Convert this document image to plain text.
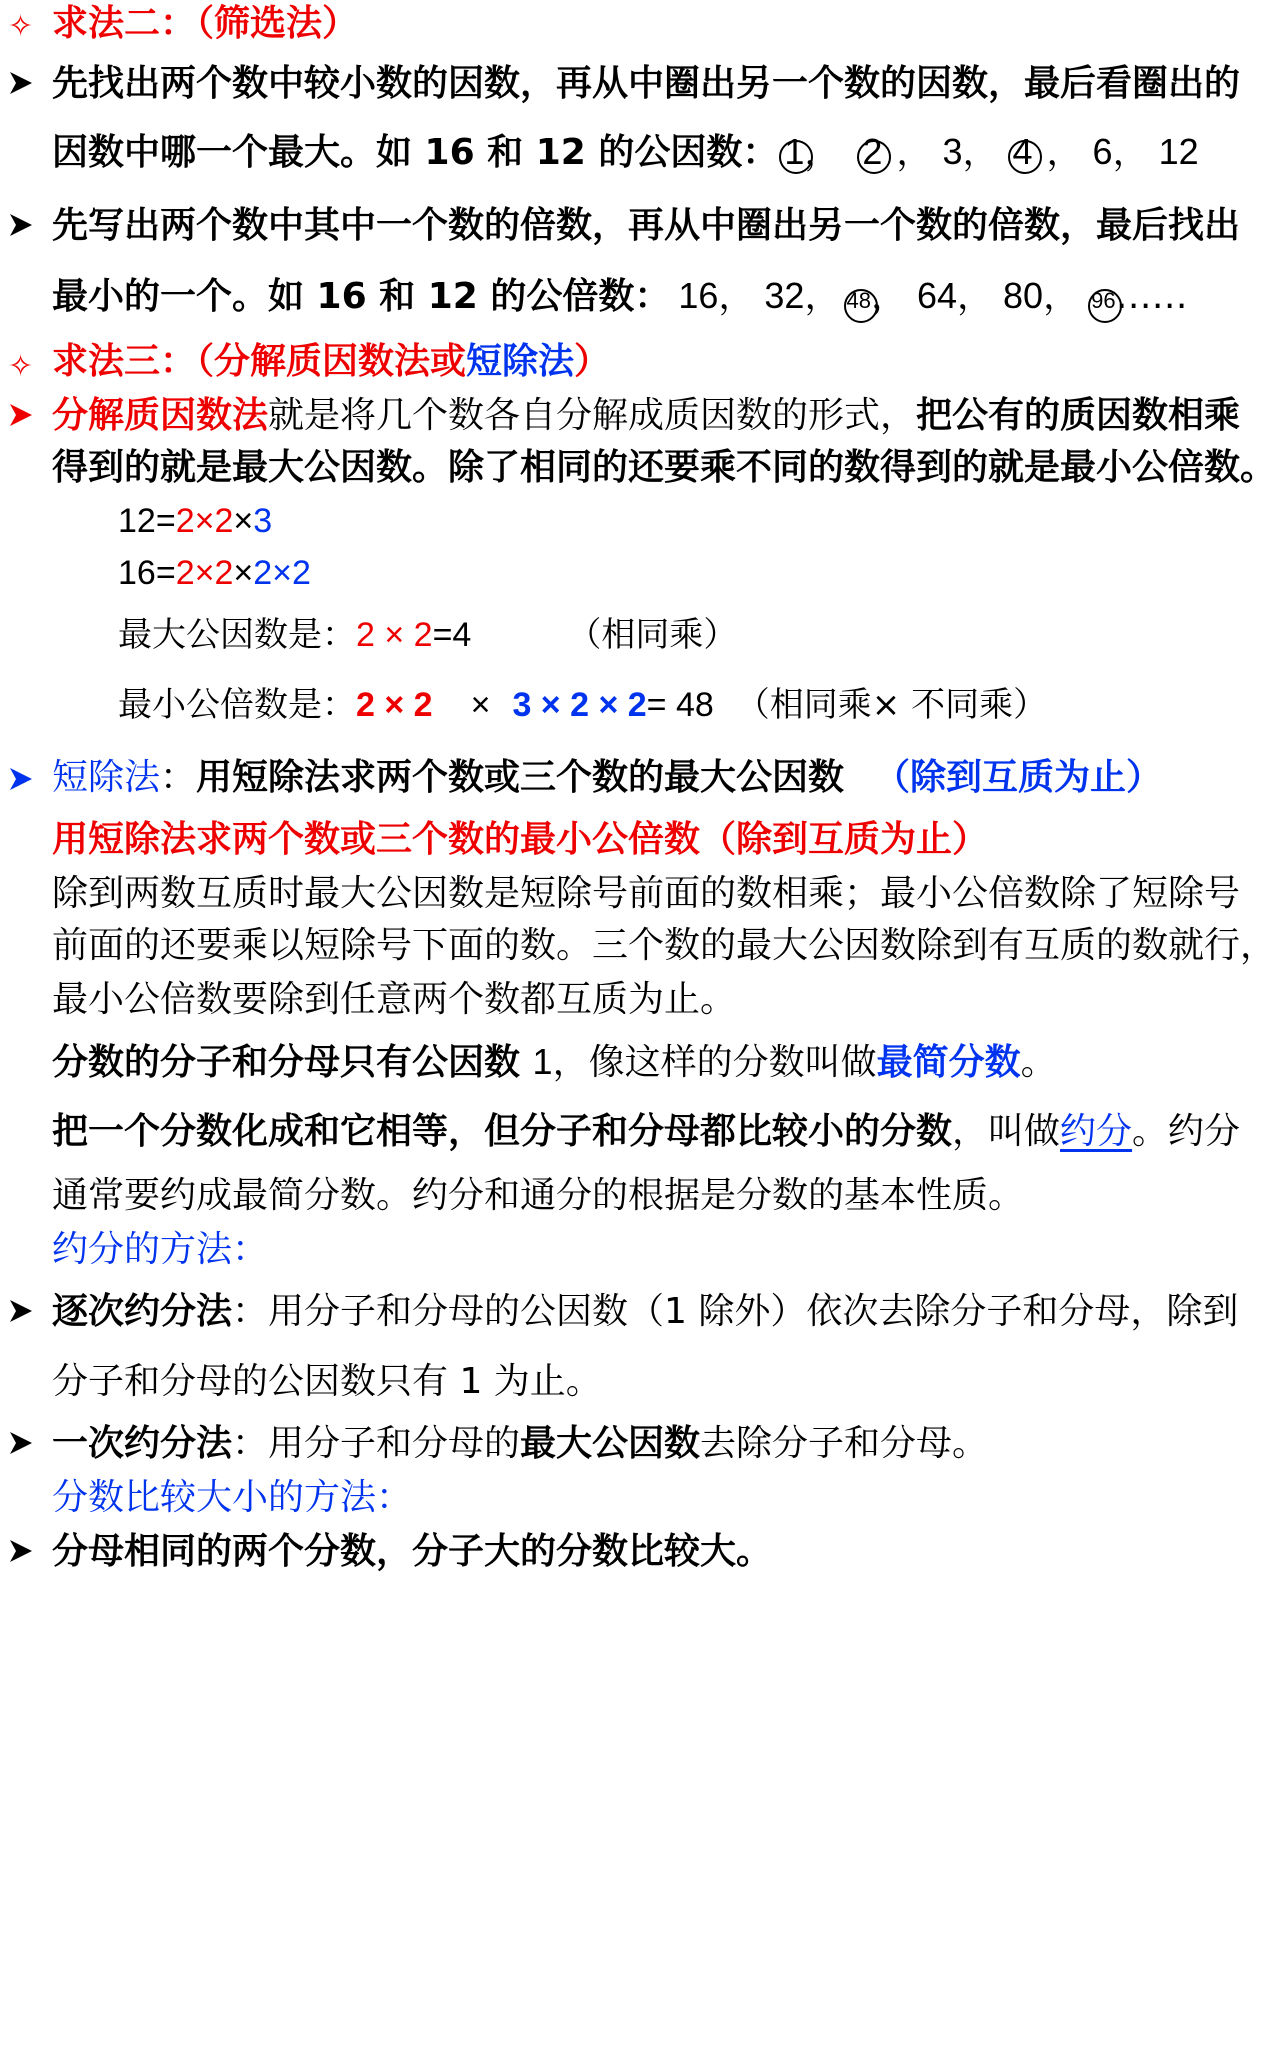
✧ 求法二：（筛选法）
先找出两个数中较小数的因数，再从中圈出另一个数的因数，最后看圈出的
因数中哪一个最大。如 16 和 12 的公因数： 1， 2 ， 3， 4 ， 6， 12
先写出两个数中其中一个数的倍数，再从中圈出另一个数的倍数，最后找出
最小的一个。如 16 和 12 的公倍数： 16， 32， 48， 64， 80， 96……
✧ 求法三：（分解质因数法或短除法）
分解质因数法就是将几个数各自分解成质因数的形式，把公有的质因数相乘
得到的就是最大公因数。除了相同的还要乘不同的数得到的就是最小公倍数。
12=2×2×3
16=2×2×2×2
最大公因数是：2 × 2=4	（相同乘）
最小公倍数是：2 × 2 × 3 × 2 × 2= 48 （相同乘× 不同乘）
短除法：用短除法求两个数或三个数的最大公因数 （除到互质为止）
用短除法求两个数或三个数的最小公倍数（除到互质为止）
除到两数互质时最大公因数是短除号前面的数相乘；最小公倍数除了短除号
前面的还要乘以短除号下面的数。三个数的最大公因数除到有互质的数就行，
最小公倍数要除到任意两个数都互质为止。
分数的分子和分母只有公因数 1，像这样的分数叫做最简分数。
把一个分数化成和它相等，但分子和分母都比较小的分数，叫做约分。约分
通常要约成最简分数。约分和通分的根据是分数的基本性质。
约分的方法：
逐次约分法：用分子和分母的公因数（1 除外）依次去除分子和分母，除到
分子和分母的公因数只有 1 为止。
一次约分法：用分子和分母的最大公因数去除分子和分母。
分数比较大小的方法：
分母相同的两个分数，分子大的分数比较大。
